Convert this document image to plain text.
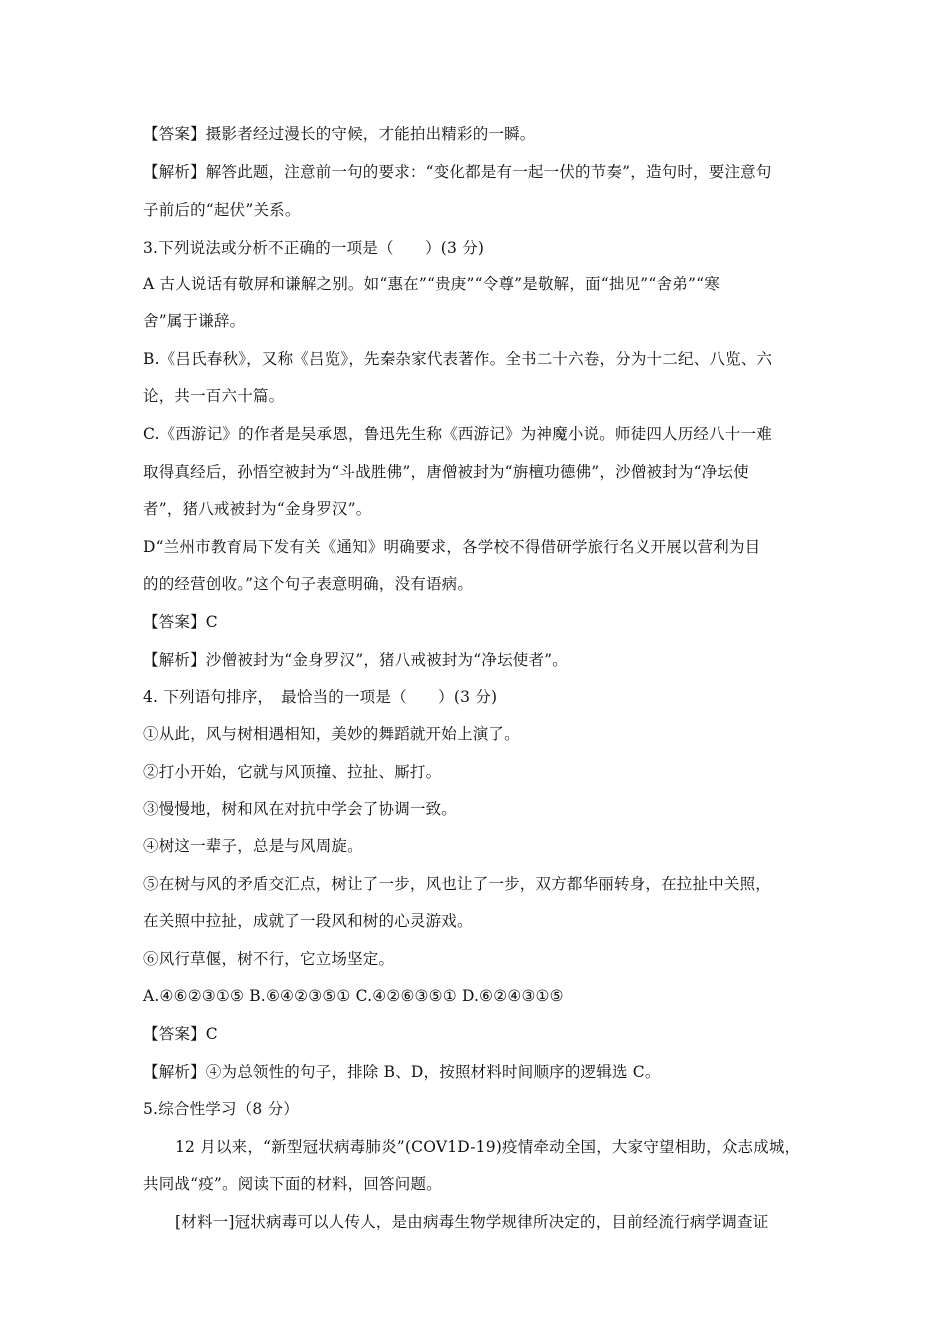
【答案】摄影者经过漫长的守候，才能拍出精彩的一瞬。
【解析】解答此题，注意前一句的要求：“变化都是有一起一伏的节奏”，造句时，要注意句
子前后的“起伏”关系。
3.下列说法或分析不正确的一项是（　　）(3 分)
A 古人说话有敬屏和谦解之别。如“惠在”“贵庚”“令尊”是敬解，面“拙见”“舍弟”“寒
舍”属于谦辞。
B.《吕氏春秋》，又称《吕览》，先秦杂家代表著作。全书二十六卷，分为十二纪、八览、六
论，共一百六十篇。
C.《西游记》的作者是吴承恩，鲁迅先生称《西游记》为神魔小说。师徒四人历经八十一难
取得真经后，孙悟空被封为“斗战胜佛”，唐僧被封为“旃檀功德佛”，沙僧被封为“净坛使
者”，猪八戒被封为“金身罗汉”。
D“兰州市教育局下发有关《通知》明确要求，各学校不得借研学旅行名义开展以营利为目
的的经营创收。”这个句子表意明确，没有语病。
【答案】C
【解析】沙僧被封为“金身罗汉”，猪八戒被封为“净坛使者”。
4. 下列语句排序，　最恰当的一项是（　　）(3 分)
①从此，风与树相遇相知，美妙的舞蹈就开始上演了。
②打小开始，它就与风顶撞、拉扯、厮打。
③慢慢地，树和风在对抗中学会了协调一致。
④树这一辈子，总是与风周旋。
⑤在树与风的矛盾交汇点，树让了一步，风也让了一步，双方都华丽转身，在拉扯中关照，
在关照中拉扯，成就了一段风和树的心灵游戏。
⑥风行草偃，树不行，它立场坚定。
A.④⑥②③①⑤ B.⑥④②③⑤① C.④②⑥③⑤① D.⑥②④③①⑤
【答案】C
【解析】④为总领性的句子，排除 B、D，按照材料时间顺序的逻辑选 C。
5.综合性学习（8 分）
12 月以来，“新型冠状病毒肺炎”(COV1D-19)疫情牵动全国，大家守望相助，众志成城，
共同战“疫”。阅读下面的材料，回答问题。
[材料一]冠状病毒可以人传人，是由病毒生物学规律所决定的，目前经流行病学调查证
